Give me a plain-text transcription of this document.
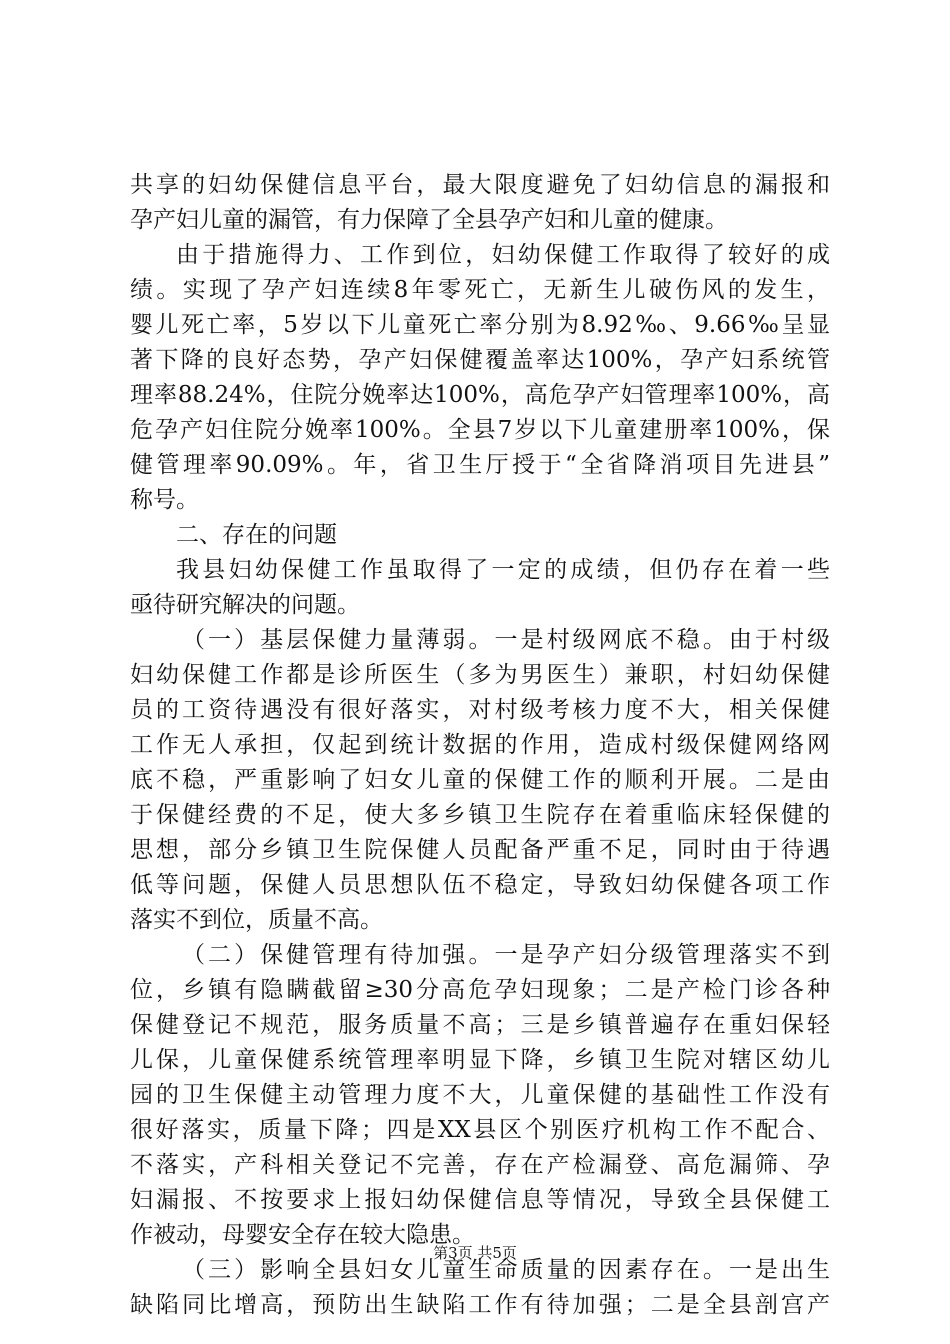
共享的妇幼保健信息平台，最大限度避免了妇幼信息的漏报和
孕产妇儿童的漏管，有力保障了全县孕产妇和儿童的健康。
由于措施得力、工作到位，妇幼保健工作取得了较好的成
绩。实现了孕产妇连续8年零死亡，无新生儿破伤风的发生，
婴儿死亡率，5岁以下儿童死亡率分别为8.92‰、9.66‰呈显
著下降的良好态势，孕产妇保健覆盖率达100%，孕产妇系统管
理率88.24%，住院分娩率达100%，高危孕产妇管理率100%，高
危孕产妇住院分娩率100%。全县7岁以下儿童建册率100%，保
健管理率90.09%。年，省卫生厅授于“全省降消项目先进县”
称号。
二、存在的问题
我县妇幼保健工作虽取得了一定的成绩，但仍存在着一些
亟待研究解决的问题。
（一）基层保健力量薄弱。一是村级网底不稳。由于村级
妇幼保健工作都是诊所医生（多为男医生）兼职，村妇幼保健
员的工资待遇没有很好落实，对村级考核力度不大，相关保健
工作无人承担，仅起到统计数据的作用，造成村级保健网络网
底不稳，严重影响了妇女儿童的保健工作的顺利开展。二是由
于保健经费的不足，使大多乡镇卫生院存在着重临床轻保健的
思想，部分乡镇卫生院保健人员配备严重不足，同时由于待遇
低等问题，保健人员思想队伍不稳定，导致妇幼保健各项工作
落实不到位，质量不高。
（二）保健管理有待加强。一是孕产妇分级管理落实不到
位，乡镇有隐瞒截留≥30分高危孕妇现象；二是产检门诊各种
保健登记不规范，服务质量不高；三是乡镇普遍存在重妇保轻
儿保，儿童保健系统管理率明显下降，乡镇卫生院对辖区幼儿
园的卫生保健主动管理力度不大，儿童保健的基础性工作没有
很好落实，质量下降；四是XX县区个别医疗机构工作不配合、
不落实，产科相关登记不完善，存在产检漏登、高危漏筛、孕
妇漏报、不按要求上报妇幼保健信息等情况，导致全县保健工
作被动，母婴安全存在较大隐患。
（三）影响全县妇女儿童生命质量的因素存在。一是出生
缺陷同比增高，预防出生缺陷工作有待加强；二是全县剖宫产
第3页 共5页
